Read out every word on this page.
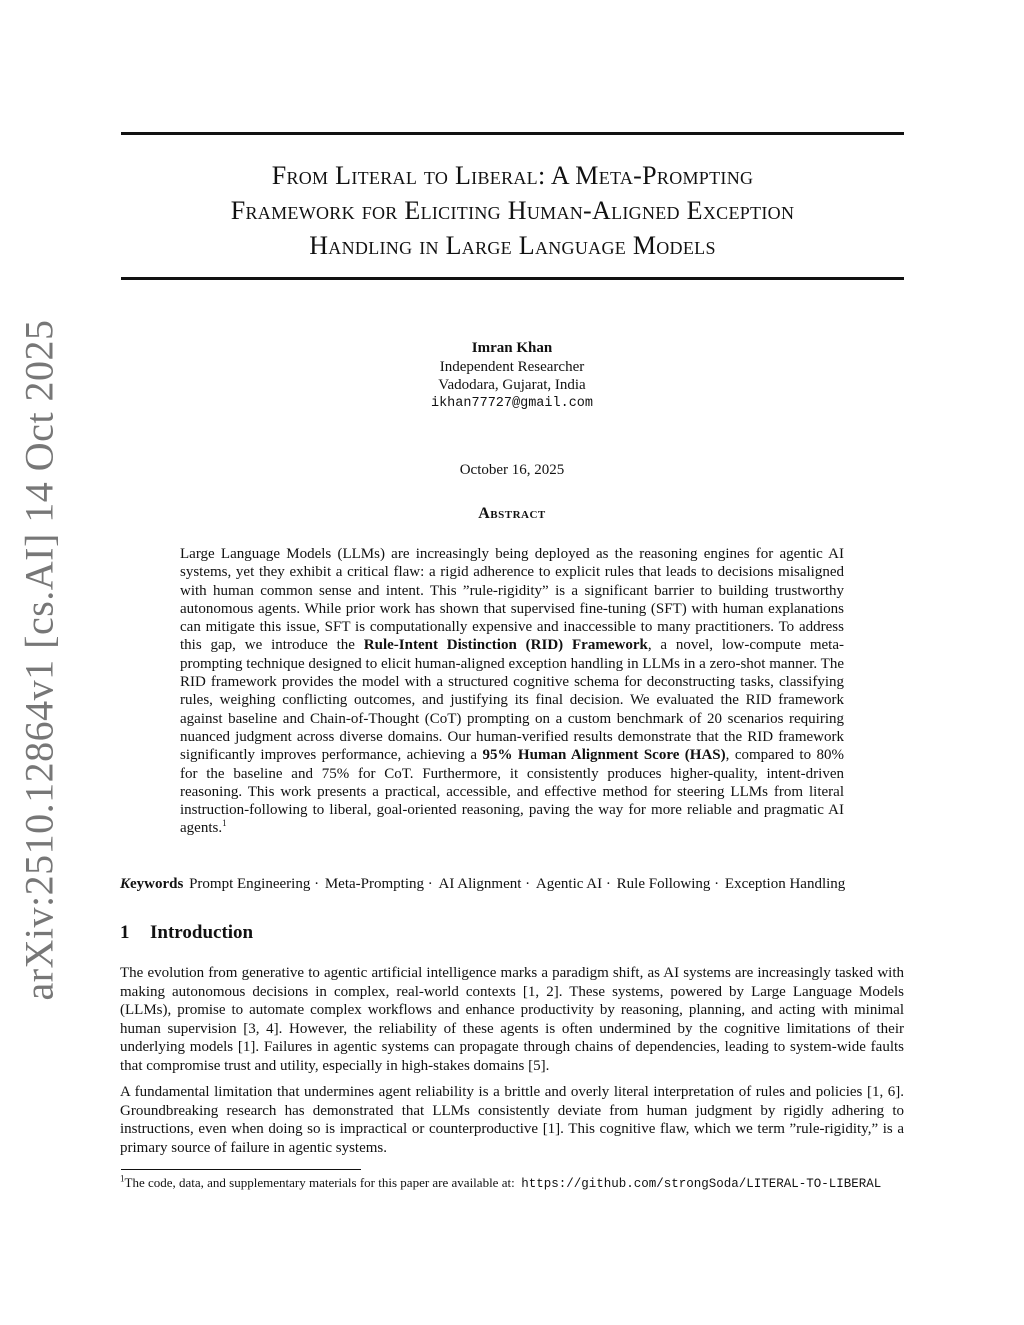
arXiv:2510.12864v1 [cs.AI] 14 Oct 2025
From Literal to Liberal: A Meta-Prompting
Framework for Eliciting Human-Aligned Exception
Handling in Large Language Models
Imran Khan
Independent Researcher
Vadodara, Gujarat, India
ikhan77727@gmail.com
October 16, 2025
Abstract
Large Language Models (LLMs) are increasingly being deployed as the reasoning engines for agentic AI systems, yet they exhibit a critical flaw: a rigid adherence to explicit rules that leads to decisions misaligned with human common sense and intent. This ”rule-rigidity” is a significant barrier to building trustworthy autonomous agents. While prior work has shown that supervised fine-tuning (SFT) with human explanations can mitigate this issue, SFT is computationally expensive and inaccessible to many practitioners. To address this gap, we introduce the Rule-Intent Distinction (RID) Framework, a novel, low-compute meta-prompting technique designed to elicit human-aligned exception handling in LLMs in a zero-shot manner. The RID framework provides the model with a structured cognitive schema for deconstructing tasks, classifying rules, weighing conflicting outcomes, and justifying its final decision. We evaluated the RID framework against baseline and Chain-of-Thought (CoT) prompting on a custom benchmark of 20 scenarios requiring nuanced judgment across diverse domains. Our human-verified results demonstrate that the RID framework significantly improves performance, achieving a 95% Human Alignment Score (HAS), compared to 80% for the baseline and 75% for CoT. Furthermore, it consistently produces higher-quality, intent-driven reasoning. This work presents a practical, accessible, and effective method for steering LLMs from literal instruction-following to liberal, goal-oriented reasoning, paving the way for more reliable and pragmatic AI agents.$^1$
Keywords Prompt Engineering · Meta-Prompting · AI Alignment · Agentic AI · Rule Following · Exception Handling
1 Introduction
The evolution from generative to agentic artificial intelligence marks a paradigm shift, as AI systems are increasingly tasked with making autonomous decisions in complex, real-world contexts [1, 2]. These systems, powered by Large Language Models (LLMs), promise to automate complex workflows and enhance productivity by reasoning, planning, and acting with minimal human supervision [3, 4]. However, the reliability of these agents is often undermined by the cognitive limitations of their underlying models [1]. Failures in agentic systems can propagate through chains of dependencies, leading to system-wide faults that compromise trust and utility, especially in high-stakes domains [5].
A fundamental limitation that undermines agent reliability is a brittle and overly literal interpretation of rules and policies [1, 6]. Groundbreaking research has demonstrated that LLMs consistently deviate from human judgment by rigidly adhering to instructions, even when doing so is impractical or counterproductive [1]. This cognitive flaw, which we term ”rule-rigidity,” is a primary source of failure in agentic systems.
$^1$The code, data, and supplementary materials for this paper are available at: https://github.com/strongSoda/LITERAL-TO-LIBERAL
